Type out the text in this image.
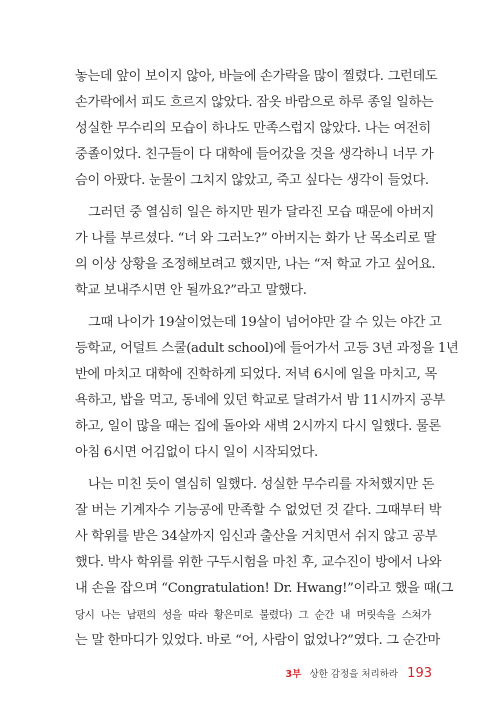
놓는데 앞이 보이지 않아, 바늘에 손가락을 많이 찔렸다. 그런데도
손가락에서 피도 흐르지 않았다. 잠옷 바람으로 하루 종일 일하는
성실한 무수리의 모습이 하나도 만족스럽지 않았다. 나는 여전히
중졸이었다. 친구들이 다 대학에 들어갔을 것을 생각하니 너무 가
슴이 아팠다. 눈물이 그치지 않았고, 죽고 싶다는 생각이 들었다.
그러던 중 열심히 일은 하지만 뭔가 달라진 모습 때문에 아버지
가 나를 부르셨다. “너 와 그러노?” 아버지는 화가 난 목소리로 딸
의 이상 상황을 조정해보려고 했지만, 나는 “저 학교 가고 싶어요.
학교 보내주시면 안 될까요?”라고 말했다.
그때 나이가 19살이었는데 19살이 넘어야만 갈 수 있는 야간 고
등학교, 어덜트 스쿨(adult school)에 들어가서 고등 3년 과정을 1년
반에 마치고 대학에 진학하게 되었다. 저녁 6시에 일을 마치고, 목
욕하고, 밥을 먹고, 동네에 있던 학교로 달려가서 밤 11시까지 공부
하고, 일이 많을 때는 집에 돌아와 새벽 2시까지 다시 일했다. 물론
아침 6시면 어김없이 다시 일이 시작되었다.
나는 미친 듯이 열심히 일했다. 성실한 무수리를 자처했지만 돈
잘 버는 기계자수 기능공에 만족할 수 없었던 것 같다. 그때부터 박
사 학위를 받은 34살까지 임신과 출산을 거치면서 쉬지 않고 공부
했다. 박사 학위를 위한 구두시험을 마친 후, 교수진이 방에서 나와
내 손을 잡으며 “Congratulation! Dr. Hwang!”이라고 했을 때(그
당시 나는 남편의 성을 따라 황은미로 불렸다) 그 순간 내 머릿속을 스쳐가
는 말 한마디가 있었다. 바로 “어, 사람이 없었나?”였다. 그 순간마
3부 상한 감정을 처리하라 193
